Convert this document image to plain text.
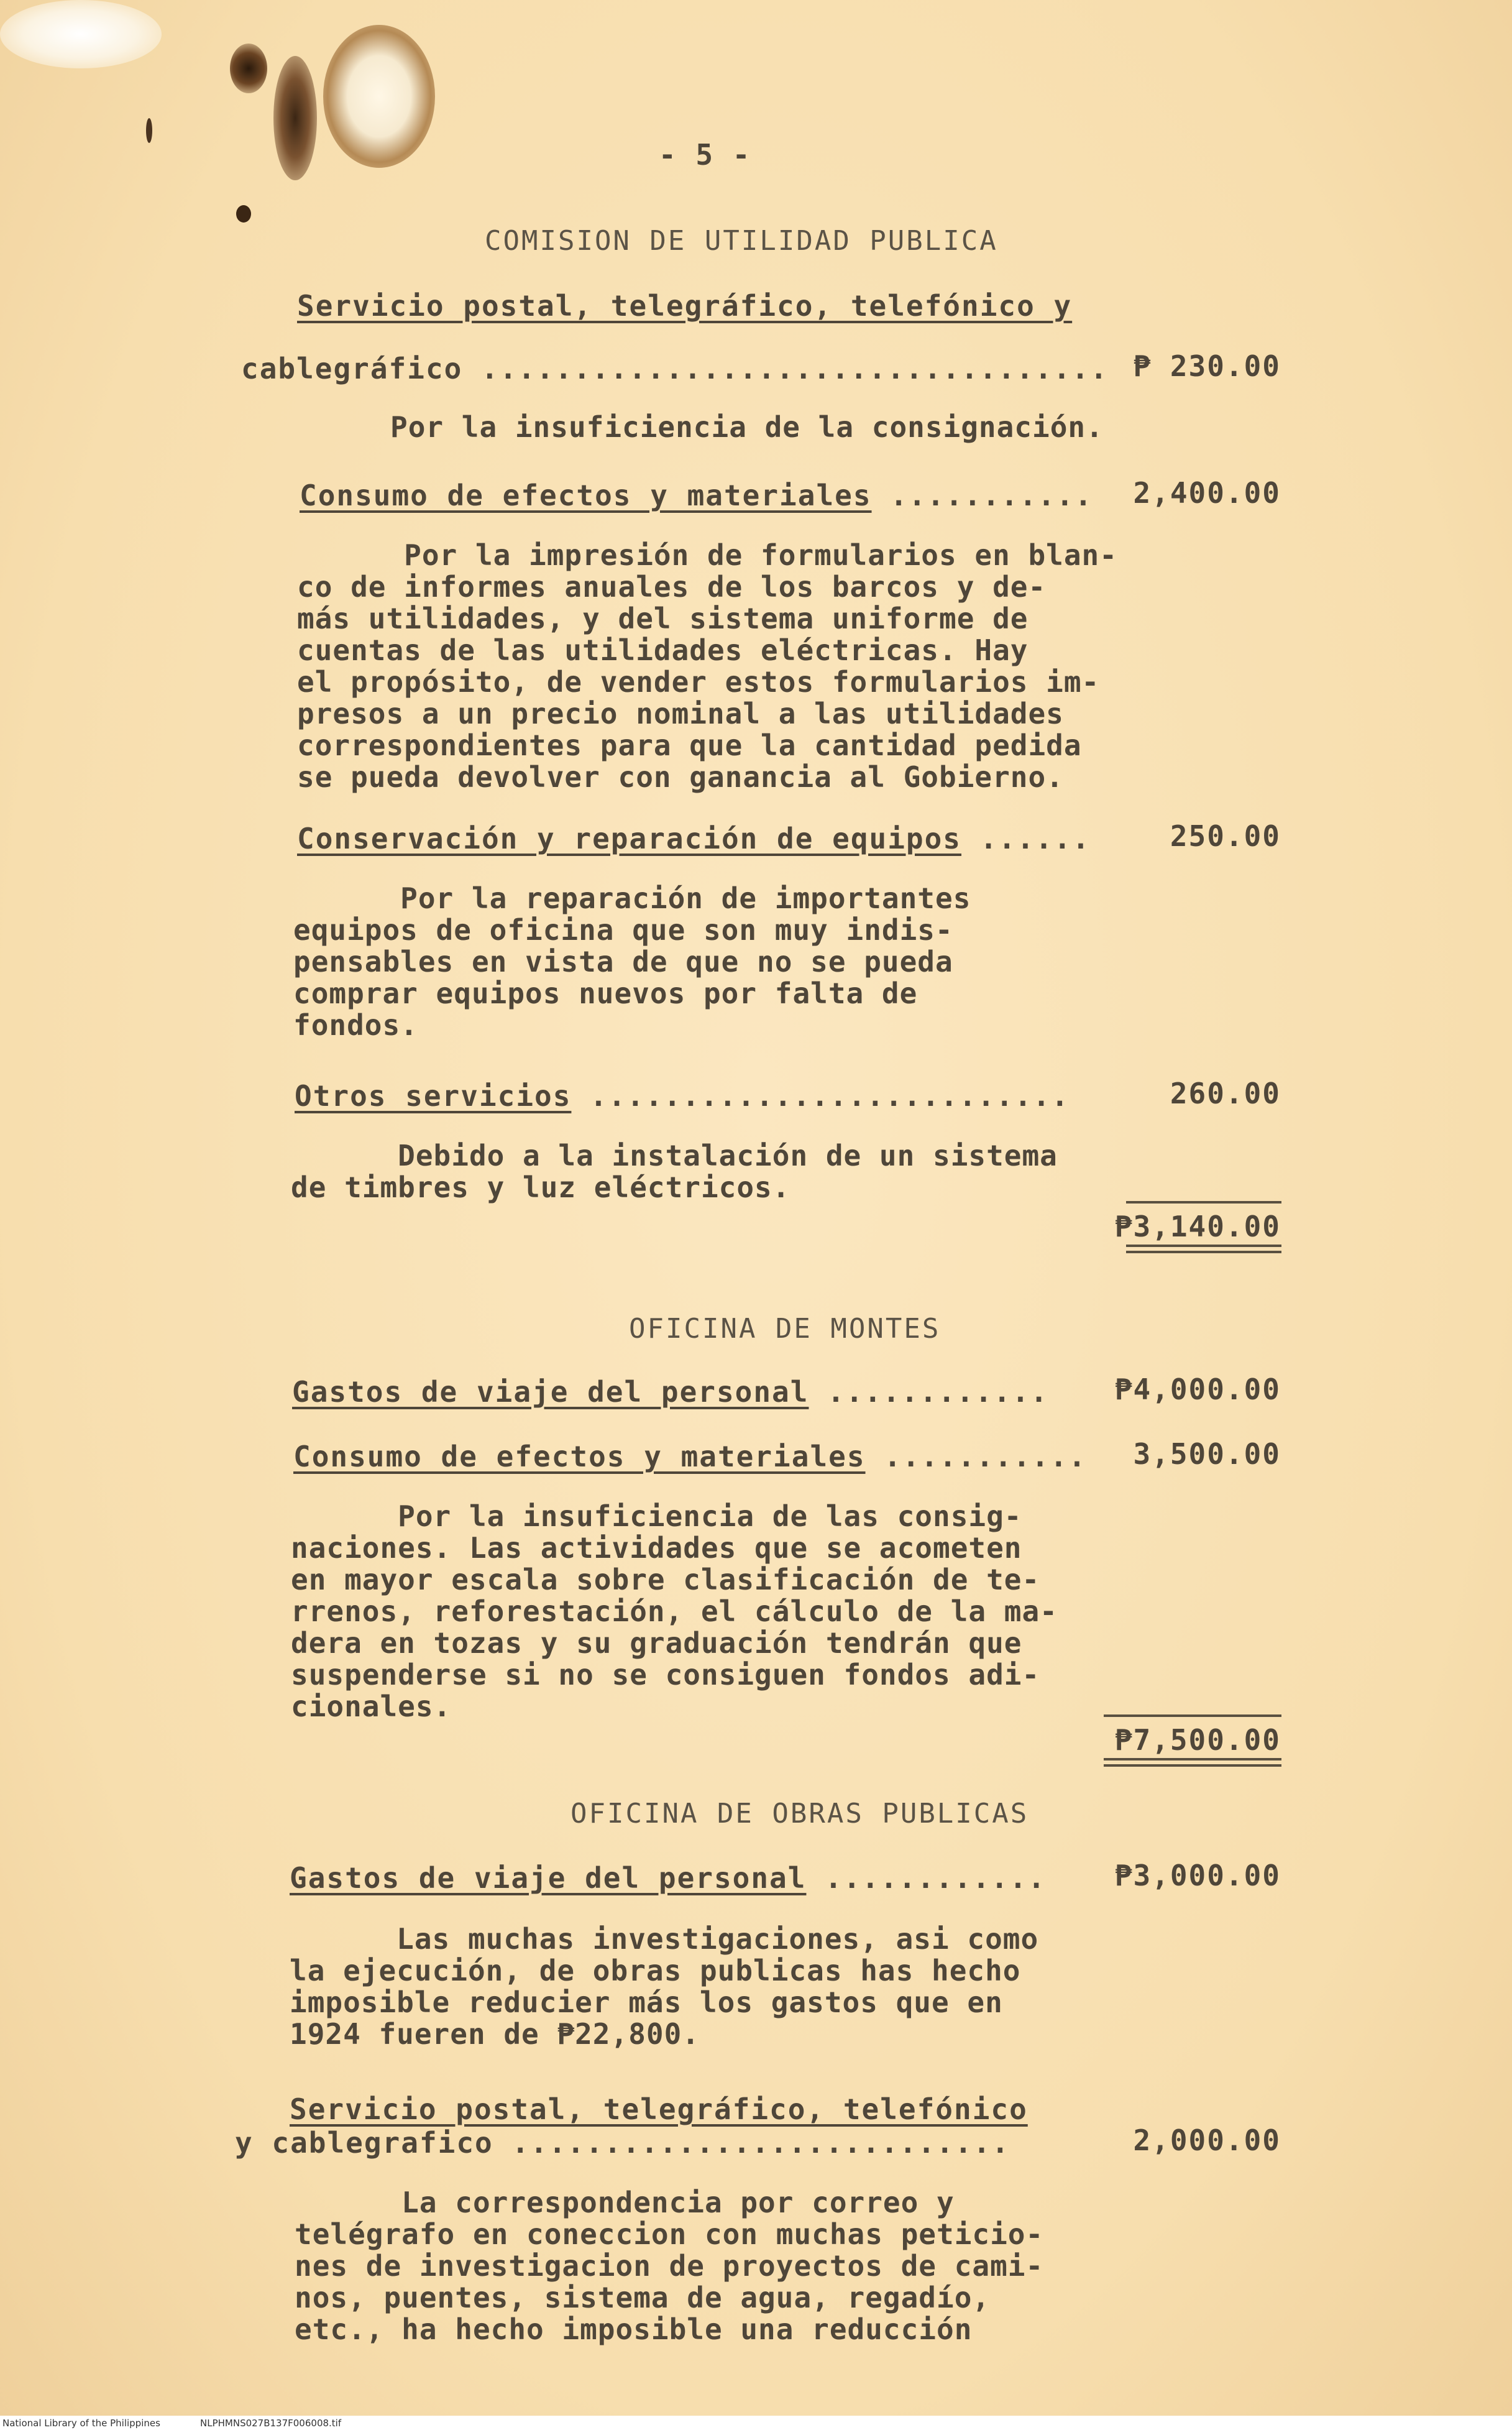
- 5 -
COMISION DE UTILIDAD PUBLICA
Servicio postal, telegráfico, telefónico y
cablegráfico .................................. ₱ 230.00
Por la insuficiencia de la consignación.
Consumo de efectos y materiales ........... 2,400.00
Por la impresión de formularios en blan-
co de informes anuales de los barcos y de-
más utilidades, y del sistema uniforme de
cuentas de las utilidades eléctricas. Hay
el propósito, de vender estos formularios im-
presos a un precio nominal a las utilidades
correspondientes para que la cantidad pedida
se pueda devolver con ganancia al Gobierno.
Conservación y reparación de equipos ......	250.00
Por la reparación de importantes
equipos de oficina que son muy indis-
pensables en vista de que no se pueda
comprar equipos nuevos por falta de
fondos.
Otros servicios ..........................	260.00
Debido a la instalación de un sistema
de timbres y luz eléctricos.
₱3,140.00
OFICINA DE MONTES
Gastos de viaje del personal ............ ₱4,000.00
Consumo de efectos y materiales ........... 3,500.00
Por la insuficiencia de las consig-
naciones. Las actividades que se acometen
en mayor escala sobre clasificación de te-
rrenos, reforestación, el cálculo de la ma-
dera en tozas y su graduación tendrán que
suspenderse si no se consiguen fondos adi-
cionales.
₱7,500.00
OFICINA DE OBRAS PUBLICAS
Gastos de viaje del personal ............ ₱3,000.00
Las muchas investigaciones, asi como
la ejecución, de obras publicas has hecho
imposible reducier más los gastos que en
1924 fueren de ₱22,800.
Servicio postal, telegráfico, telefónico
y cablegrafico ...........................	2,000.00
La correspondencia por correo y
telégrafo en coneccion con muchas peticio-
nes de investigacion de proyectos de cami-
nos, puentes, sistema de agua, regadío,
etc., ha hecho imposible una reducción
National Library of the Philippines	NLPHMNS027B137F006008.tif
